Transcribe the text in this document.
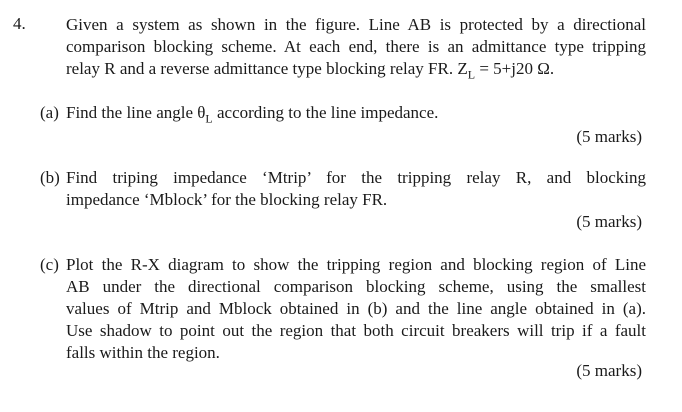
4. Given a system as shown in the figure. Line AB is protected by a directional
comparison blocking scheme. At each end, there is an admittance type tripping
relay R and a reverse admittance type blocking relay FR. $Z_L = 5+j20$ Ω.
(a) Find the line angle $\theta_L$ according to the line impedance.
(5 marks)
(b) Find triping impedance ‘Mtrip’ for the tripping relay R, and blocking
impedance ‘Mblock’ for the blocking relay FR.
(5 marks)
(c) Plot the R-X diagram to show the tripping region and blocking region of Line
AB under the directional comparison blocking scheme, using the smallest
values of Mtrip and Mblock obtained in (b) and the line angle obtained in (a).
Use shadow to point out the region that both circuit breakers will trip if a fault
falls within the region.
(5 marks)
